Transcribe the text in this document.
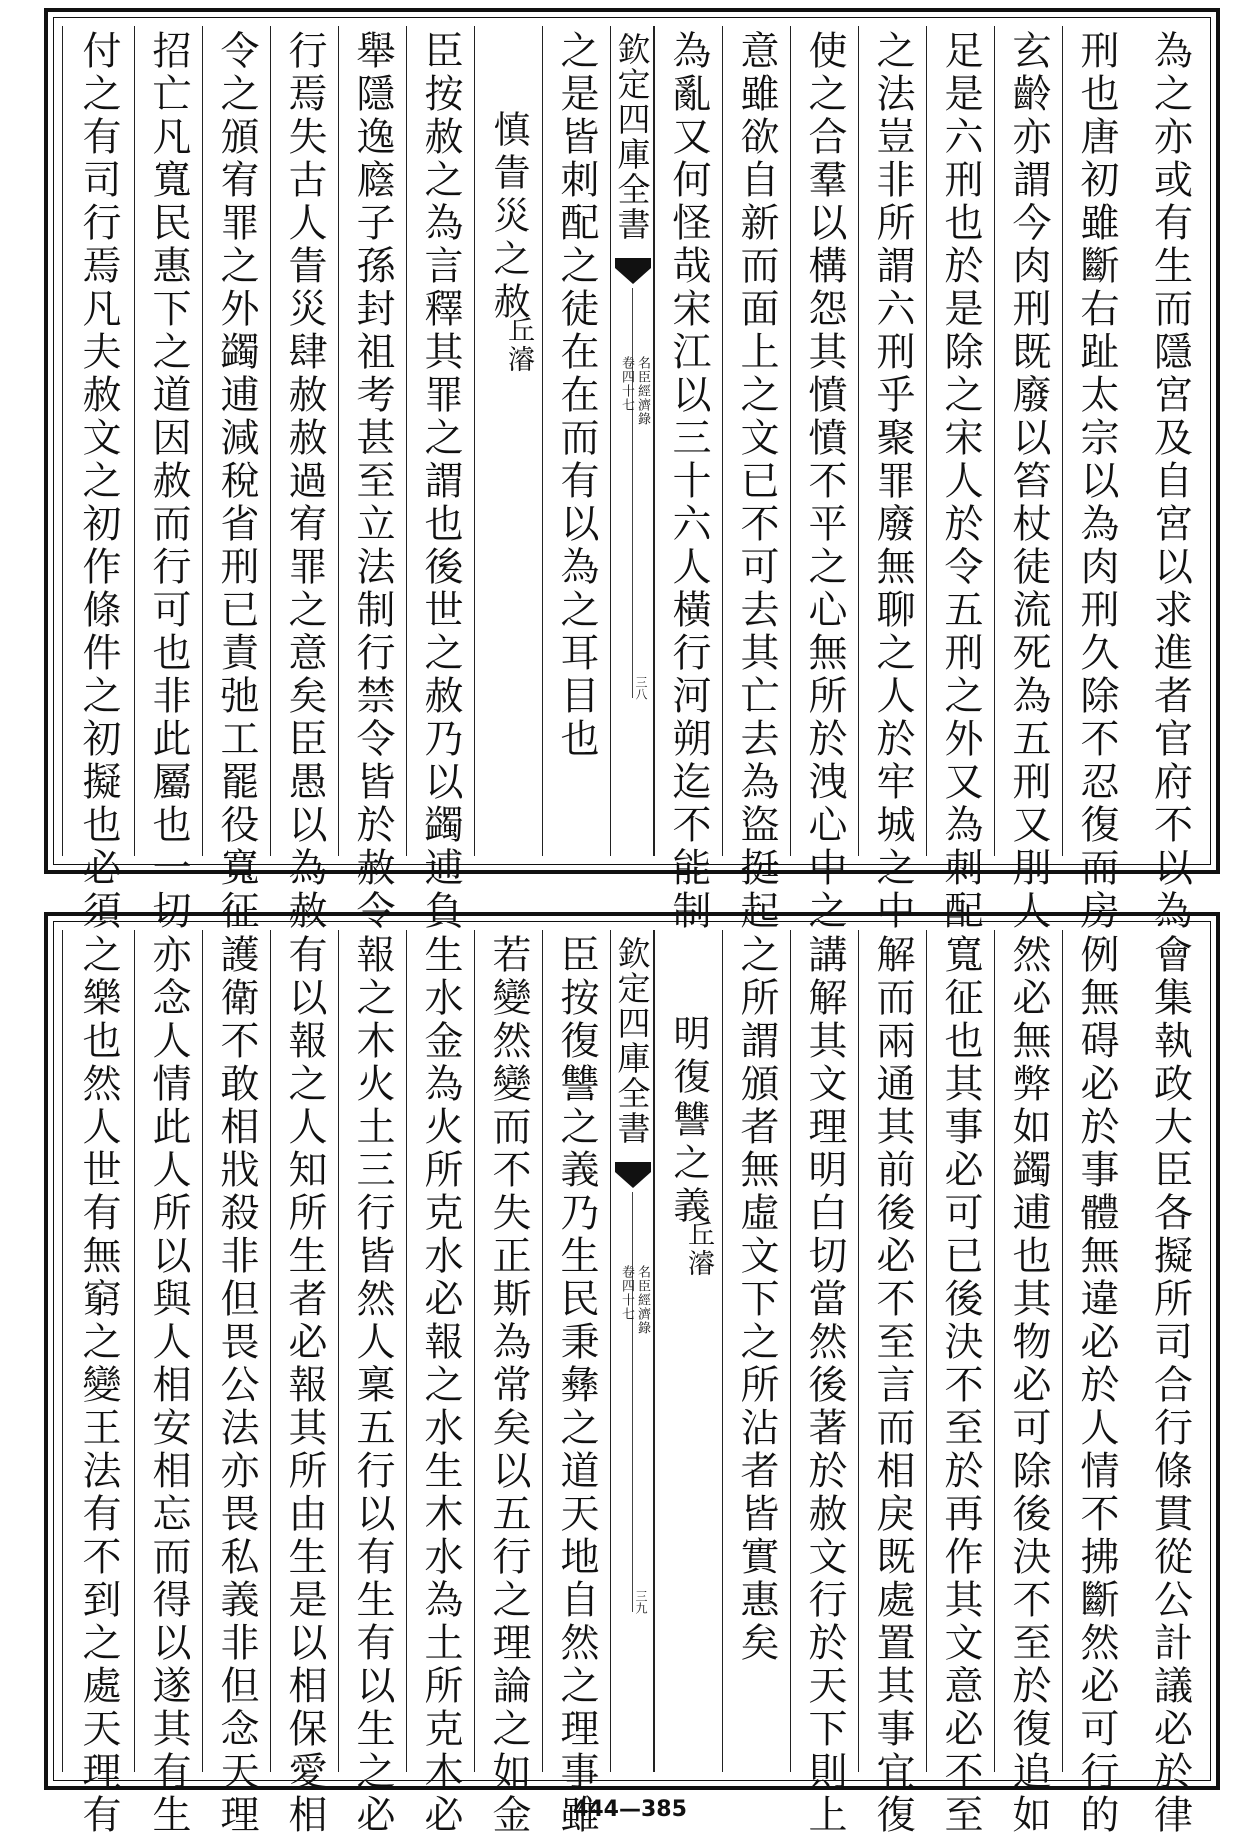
為之亦或有生而隱宮及自宮以求進者官府不以為
刑也唐初雖斷右趾太宗以為肉刑久除不忍復而房
玄齡亦謂今肉刑既廢以笞杖徒流死為五刑又刖人
足是六刑也於是除之宋人於令五刑之外又為刺配
之法豈非所謂六刑乎聚罪廢無聊之人於牢城之中
使之合羣以構怨其憤憤不平之心無所於洩心中之
意雖欲自新而面上之文已不可去其亡去為盜挺起
為亂又何怪哉宋江以三十六人橫行河朔迄不能制
欽定四庫全書
名臣經濟錄
卷四十七
三八
之是皆刺配之徒在在而有以為之耳目也
慎眚災之赦
丘濬
臣按赦之為言釋其罪之謂也後世之赦乃以蠲逋負
舉隱逸廕子孫封祖考甚至立法制行禁令皆於赦令
行焉失古人眚災肆赦赦過宥罪之意矣臣愚以為赦
令之頒宥罪之外蠲逋減稅省刑已責弛工罷役寬征
招亡凡寬民惠下之道因赦而行可也非此屬也一切
付之有司行焉凡夫赦文之初作條件之初擬也必須
會集執政大臣各擬所司合行條貫從公計議必於律
例無碍必於事體無違必於人情不拂斷然必可行的
然必無弊如蠲逋也其物必可除後決不至於復追如
寬征也其事必可已後決不至於再作其文意必不至
解而兩通其前後必不至言而相戾既處置其事宜復
講解其文理明白切當然後著於赦文行於天下則上
之所謂頒者無虛文下之所沾者皆實惠矣
明復讐之義
丘濬
欽定四庫全書
名臣經濟錄
卷四十七
三九
臣按復讐之義乃生民秉彝之道天地自然之理事雖
若變然變而不失正斯為常矣以五行之理論之如金
生水金為火所克水必報之水生木水為土所克木必
報之木火土三行皆然人稟五行以有生有以生之必
有以報之人知所生者必報其所由生是以相保愛相
護衛不敢相戕殺非但畏公法亦畏私義非但念天理
亦念人情此人所以與人相安相忘而得以遂其有生
之樂也然人世有無窮之變王法有不到之處天理有	444—385
